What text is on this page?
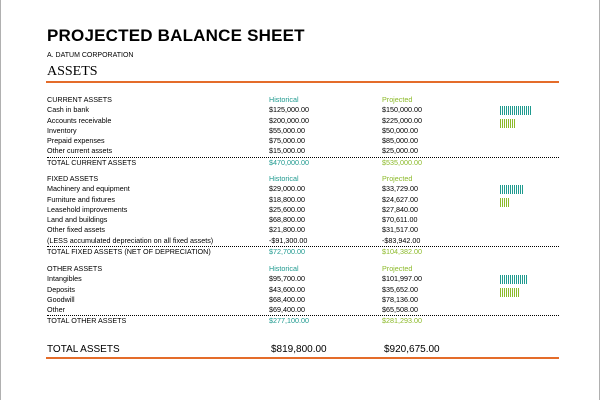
PROJECTED BALANCE SHEET
A. DATUM CORPORATION
ASSETS
CURRENT ASSETS	Historical	Projected
Cash in bank	$125,000.00	$150,000.00
Accounts receivable	$200,000.00	$225,000.00
Inventory	$55,000.00	$50,000.00
Prepaid expenses	$75,000.00	$85,000.00
Other current assets	$15,000.00	$25,000.00
TOTAL CURRENT ASSETS	$470,000.00	$535,000.00
FIXED ASSETS	Historical	Projected
Machinery and equipment	$29,000.00	$33,729.00
Furniture and fixtures	$18,800.00	$24,627.00
Leasehold improvements	$25,600.00	$27,840.00
Land and buildings	$68,800.00	$70,611.00
Other fixed assets	$21,800.00	$31,517.00
(LESS accumulated depreciation on all fixed assets)	-$91,300.00	-$83,942.00
TOTAL FIXED ASSETS (NET OF DEPRECIATION)	$72,700.00	$104,382.00
OTHER ASSETS	Historical	Projected
Intangibles	$95,700.00	$101,997.00
Deposits	$43,600.00	$35,652.00
Goodwill	$68,400.00	$78,136.00
Other	$69,400.00	$65,508.00
TOTAL OTHER ASSETS	$277,100.00	$281,293.00
TOTAL ASSETS	$819,800.00	$920,675.00
